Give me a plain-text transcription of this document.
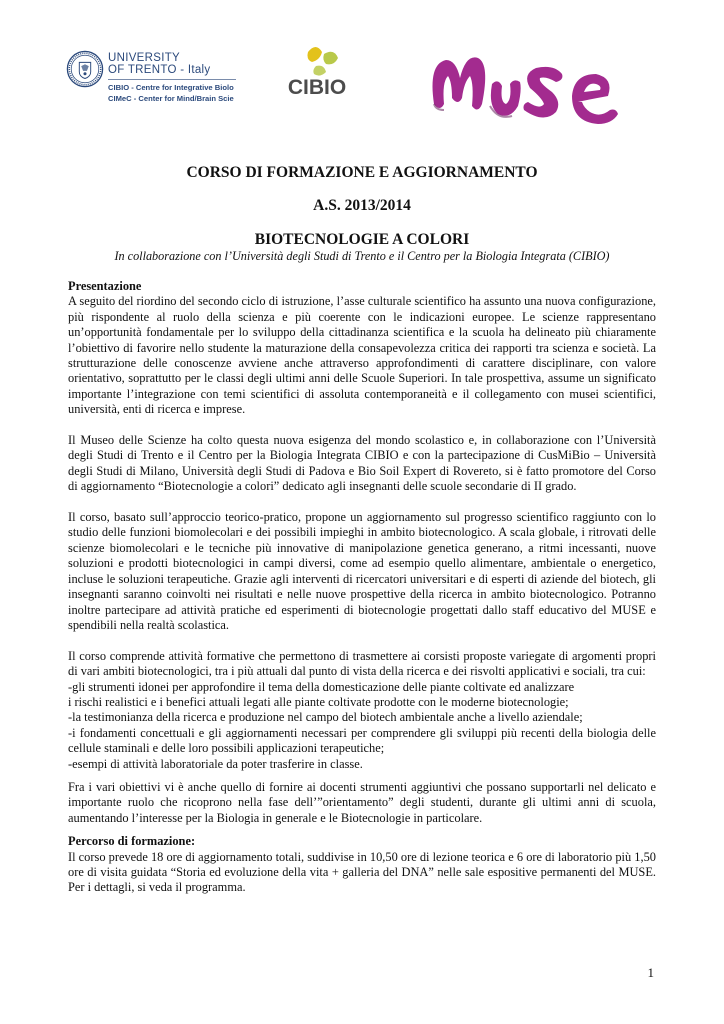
UNIVERSITY
OF TRENTO - Italy
CIBIO - Centre for Integrative Biolo
CIMeC - Center for Mind/Brain Scie	CIBIO
CORSO DI FORMAZIONE E AGGIORNAMENTO
A.S. 2013/2014
BIOTECNOLOGIE A COLORI
In collaborazione con l’Università degli Studi di Trento e il Centro per la Biologia Integrata (CIBIO)
Presentazione

A seguito del riordino del secondo ciclo di istruzione, l’asse culturale scientifico ha assunto una nuova configurazione, più rispondente al ruolo della scienza e più coerente con le indicazioni europee. Le scienze rappresentano un’opportunità fondamentale per lo sviluppo della cittadinanza scientifica e la scuola ha delineato più chiaramente l’obiettivo di favorire nello studente la maturazione della consapevolezza critica dei rapporti tra scienza e società. La strutturazione delle conoscenze avviene anche attraverso approfondimenti di carattere disciplinare, con valore orientativo, soprattutto per le classi degli ultimi anni delle Scuole Superiori. In tale prospettiva, assume un significato importante l’integrazione con temi scientifici di assoluta contemporaneità e il collegamento con musei scientifici, università, enti di ricerca e imprese.

Il Museo delle Scienze ha colto questa nuova esigenza del mondo scolastico e, in collaborazione con l’Università degli Studi di Trento e il Centro per la Biologia Integrata CIBIO e con la partecipazione di CusMiBio – Università degli Studi di Milano, Università degli Studi di Padova e Bio Soil Expert di Rovereto, si è fatto promotore del Corso di aggiornamento “Biotecnologie a colori” dedicato agli insegnanti delle scuole secondarie di II grado.

Il corso, basato sull’approccio teorico-pratico, propone un aggiornamento sul progresso scientifico raggiunto con lo studio delle funzioni biomolecolari e dei possibili impieghi in ambito biotecnologico. A scala globale, i ritrovati delle scienze biomolecolari e le tecniche più innovative di manipolazione genetica generano, a ritmi incessanti, nuove soluzioni e prodotti biotecnologici in campi diversi, come ad esempio quello alimentare, ambientale o energetico, incluse le soluzioni terapeutiche. Grazie agli interventi di ricercatori universitari e di esperti di aziende del biotech, gli insegnanti saranno coinvolti nei risultati e nelle nuove prospettive della ricerca in ambito biotecnologico. Potranno inoltre partecipare ad attività pratiche ed esperimenti di biotecnologie progettati dallo staff educativo del MUSE e spendibili nella realtà scolastica.

Il corso comprende attività formative che permettono di trasmettere ai corsisti proposte variegate di argomenti propri di vari ambiti biotecnologici, tra i più attuali dal punto di vista della ricerca e dei risvolti applicativi e sociali, tra cui:

-gli strumenti idonei per approfondire il tema della domesticazione delle piante coltivate ed analizzare

i rischi realistici e i benefici attuali legati alle piante coltivate prodotte con le moderne biotecnologie;

-la testimonianza della ricerca e produzione nel campo del biotech ambientale anche a livello aziendale;

-i fondamenti concettuali e gli aggiornamenti necessari per comprendere gli sviluppi più recenti della biologia delle cellule staminali e delle loro possibili applicazioni terapeutiche;

-esempi di attività laboratoriale da poter trasferire in classe.

Fra i vari obiettivi vi è anche quello di fornire ai docenti strumenti aggiuntivi che possano supportarli nel delicato e importante ruolo che ricoprono nella fase dell’”orientamento” degli studenti, durante gli ultimi anni di scuola, aumentando l’interesse per la Biologia in generale e le Biotecnologie in particolare.

Percorso di formazione:

Il corso prevede 18 ore di aggiornamento totali, suddivise in 10,50 ore di lezione teorica e 6 ore di laboratorio più 1,50 ore di visita guidata “Storia ed evoluzione della vita + galleria del DNA” nelle sale espositive permanenti del MUSE. Per i dettagli, si veda il programma.

1
